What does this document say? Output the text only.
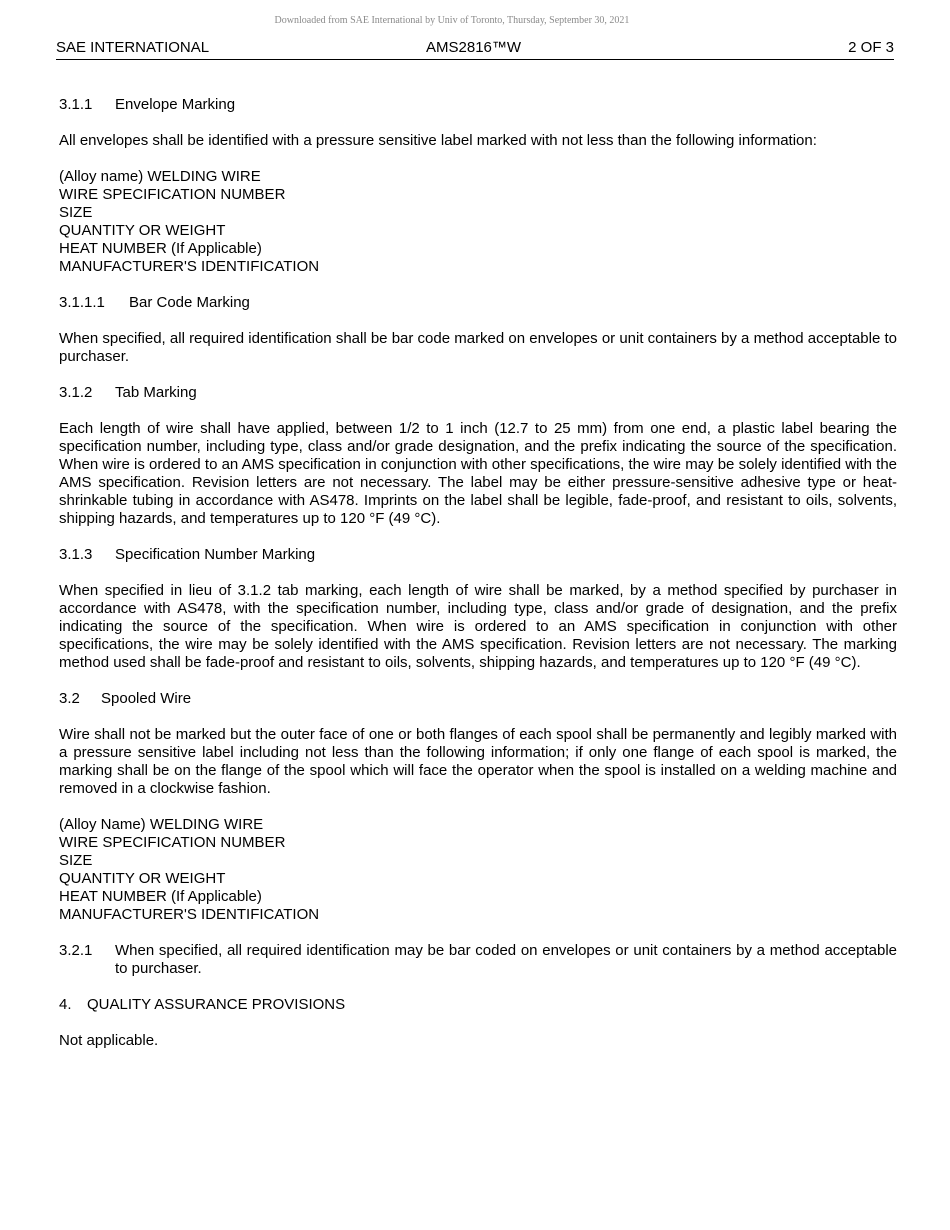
Downloaded from SAE International by Univ of Toronto, Thursday, September 30, 2021
SAE INTERNATIONAL	AMS2816™W	2 OF 3
3.1.1 Envelope Marking

All envelopes shall be identified with a pressure sensitive label marked with not less than the following information:

(Alloy name) WELDING WIRE
WIRE SPECIFICATION NUMBER
SIZE
QUANTITY OR WEIGHT
HEAT NUMBER (If Applicable)
MANUFACTURER'S IDENTIFICATION
3.1.1.1 Bar Code Marking

When specified, all required identification shall be bar code marked on envelopes or unit containers by a method acceptable to purchaser.

3.1.2 Tab Marking

Each length of wire shall have applied, between 1/2 to 1 inch (12.7 to 25 mm) from one end, a plastic label bearing the specification number, including type, class and/or grade designation, and the prefix indicating the source of the specification. When wire is ordered to an AMS specification in conjunction with other specifications, the wire may be solely identified with the AMS specification. Revision letters are not necessary. The label may be either pressure-sensitive adhesive type or heat-shrinkable tubing in accordance with AS478. Imprints on the label shall be legible, fade-proof, and resistant to oils, solvents, shipping hazards, and temperatures up to 120 °F (49 °C).

3.1.3 Specification Number Marking

When specified in lieu of 3.1.2 tab marking, each length of wire shall be marked, by a method specified by purchaser in accordance with AS478, with the specification number, including type, class and/or grade of designation, and the prefix indicating the source of the specification. When wire is ordered to an AMS specification in conjunction with other specifications, the wire may be solely identified with the AMS specification. Revision letters are not necessary. The marking method used shall be fade-proof and resistant to oils, solvents, shipping hazards, and temperatures up to 120 °F (49 °C).

3.2 Spooled Wire

Wire shall not be marked but the outer face of one or both flanges of each spool shall be permanently and legibly marked with a pressure sensitive label including not less than the following information; if only one flange of each spool is marked, the marking shall be on the flange of the spool which will face the operator when the spool is installed on a welding machine and removed in a clockwise fashion.

(Alloy Name) WELDING WIRE
WIRE SPECIFICATION NUMBER
SIZE
QUANTITY OR WEIGHT
HEAT NUMBER (If Applicable)
MANUFACTURER'S IDENTIFICATION
3.2.1	When specified, all required identification may be bar coded on envelopes or unit containers by a method acceptable to purchaser.
4. QUALITY ASSURANCE PROVISIONS

Not applicable.
